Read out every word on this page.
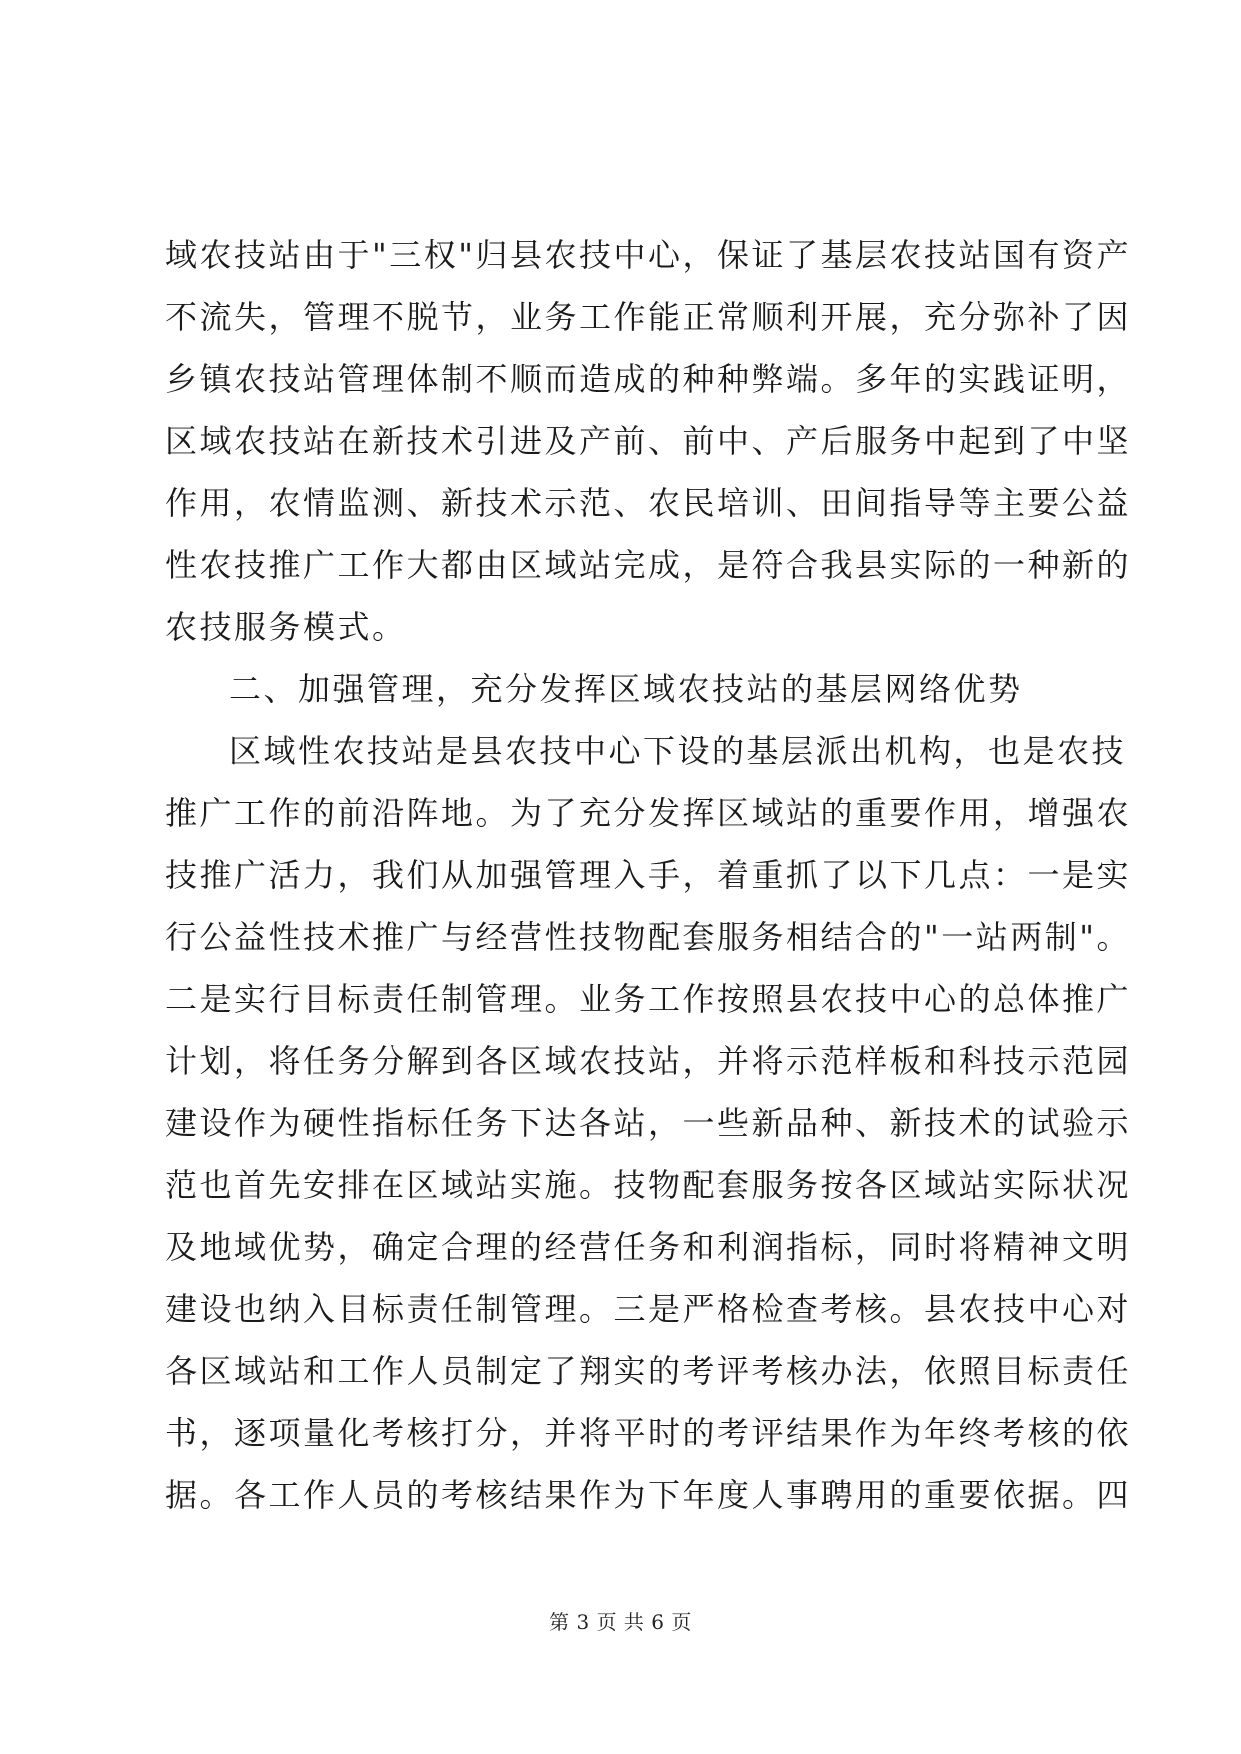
域农技站由于"三权"归县农技中心，保证了基层农技站国有资产
不流失，管理不脱节，业务工作能正常顺利开展，充分弥补了因
乡镇农技站管理体制不顺而造成的种种弊端。多年的实践证明，
区域农技站在新技术引进及产前、前中、产后服务中起到了中坚
作用，农情监测、新技术示范、农民培训、田间指导等主要公益
性农技推广工作大都由区域站完成，是符合我县实际的一种新的
农技服务模式。
二、加强管理，充分发挥区域农技站的基层网络优势
区域性农技站是县农技中心下设的基层派出机构，也是农技
推广工作的前沿阵地。为了充分发挥区域站的重要作用，增强农
技推广活力，我们从加强管理入手，着重抓了以下几点：一是实
行公益性技术推广与经营性技物配套服务相结合的"一站两制"。
二是实行目标责任制管理。业务工作按照县农技中心的总体推广
计划，将任务分解到各区域农技站，并将示范样板和科技示范园
建设作为硬性指标任务下达各站，一些新品种、新技术的试验示
范也首先安排在区域站实施。技物配套服务按各区域站实际状况
及地域优势，确定合理的经营任务和利润指标，同时将精神文明
建设也纳入目标责任制管理。三是严格检查考核。县农技中心对
各区域站和工作人员制定了翔实的考评考核办法，依照目标责任
书，逐项量化考核打分，并将平时的考评结果作为年终考核的依
据。各工作人员的考核结果作为下年度人事聘用的重要依据。四
第 3 页 共 6 页
